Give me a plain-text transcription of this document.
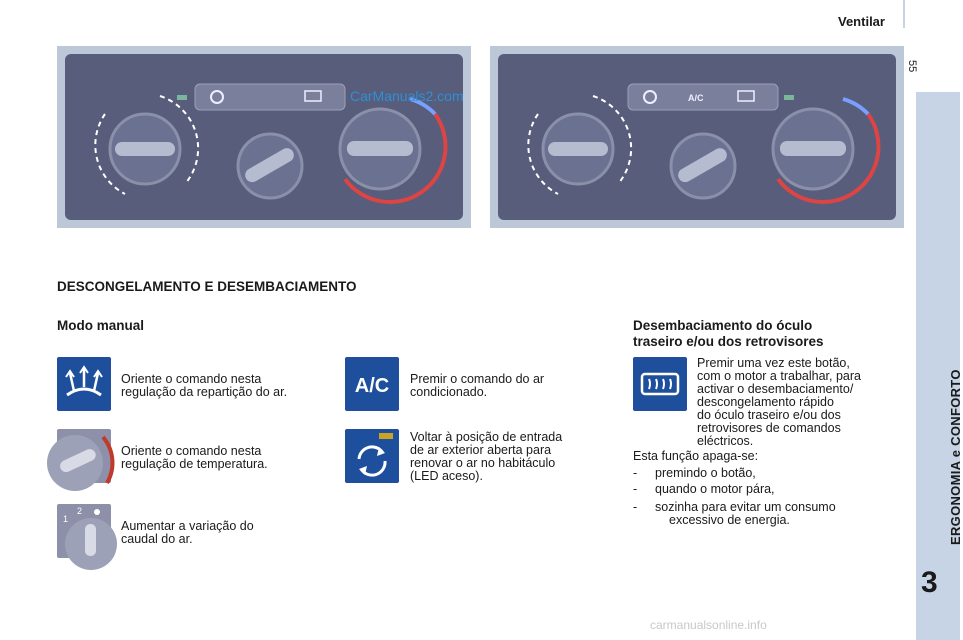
Ventilar
55
ERGONOMIA e CONFORTO
3
CarManuals2.com	A/C
DESCONGELAMENTO E DESEMBACIAMENTO
Modo manual	Desembaciamento do óculo
traseiro e/ou dos retrovisores
Oriente o comando nesta
regulação da repartição do ar.
Oriente o comando nesta
regulação de temperatura.
1
2
Aumentar a variação do
caudal do ar.
A/C Premir o comando do ar
condicionado.
Voltar à posição de entrada
de ar exterior aberta para
renovar o ar no habitáculo
(LED aceso).
Premir uma vez este botão,
com o motor a trabalhar, para
activar o desembaciamento/
descongelamento rápido
do óculo traseiro e/ou dos
retrovisores de comandos
eléctricos.
Esta função apaga-se:
- premindo o botão,
- quando o motor pára,
- sozinha para evitar um consumo
excessivo de energia.
carmanualsonline.info
